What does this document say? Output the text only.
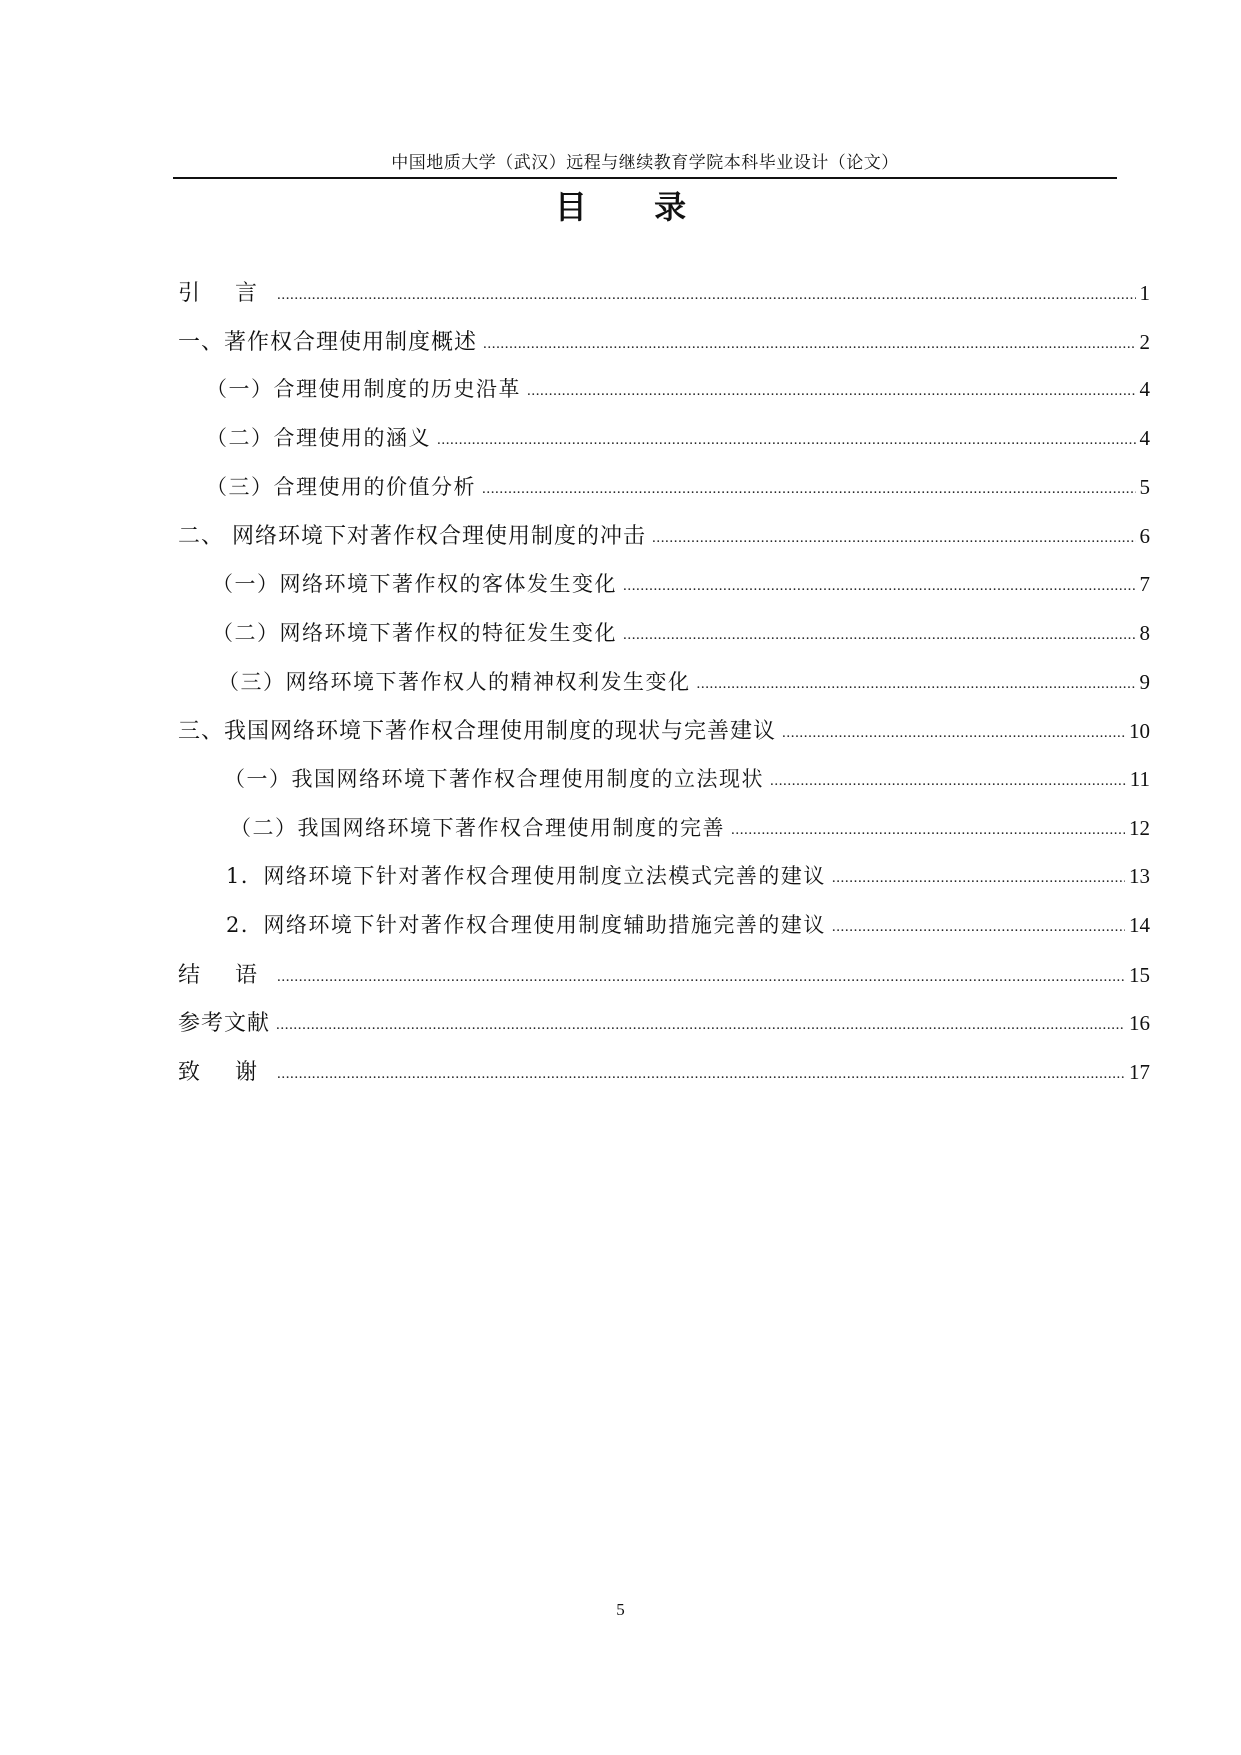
中国地质大学（武汉）远程与继续教育学院本科毕业设计（论文）
目 录
引 言 .....	1
一、著作权合理使用制度概述 .....	2
（一）合理使用制度的历史沿革 .....	4
（二）合理使用的涵义 .....	4
（三）合理使用的价值分析 .....	5
二、 网络环境下对著作权合理使用制度的冲击 .....	6
（一）网络环境下著作权的客体发生变化 .....	7
（二）网络环境下著作权的特征发生变化 .....	8
（三）网络环境下著作权人的精神权利发生变化 .....	9
三、我国网络环境下著作权合理使用制度的现状与完善建议 .....	10
（一）我国网络环境下著作权合理使用制度的立法现状 .....	11
（二）我国网络环境下著作权合理使用制度的完善 .....	12
1．网络环境下针对著作权合理使用制度立法模式完善的建议 .....	13
2．网络环境下针对著作权合理使用制度辅助措施完善的建议 .....	14
结 语 .....	15
参考文献 .....	16
致 谢 .....	17
5
